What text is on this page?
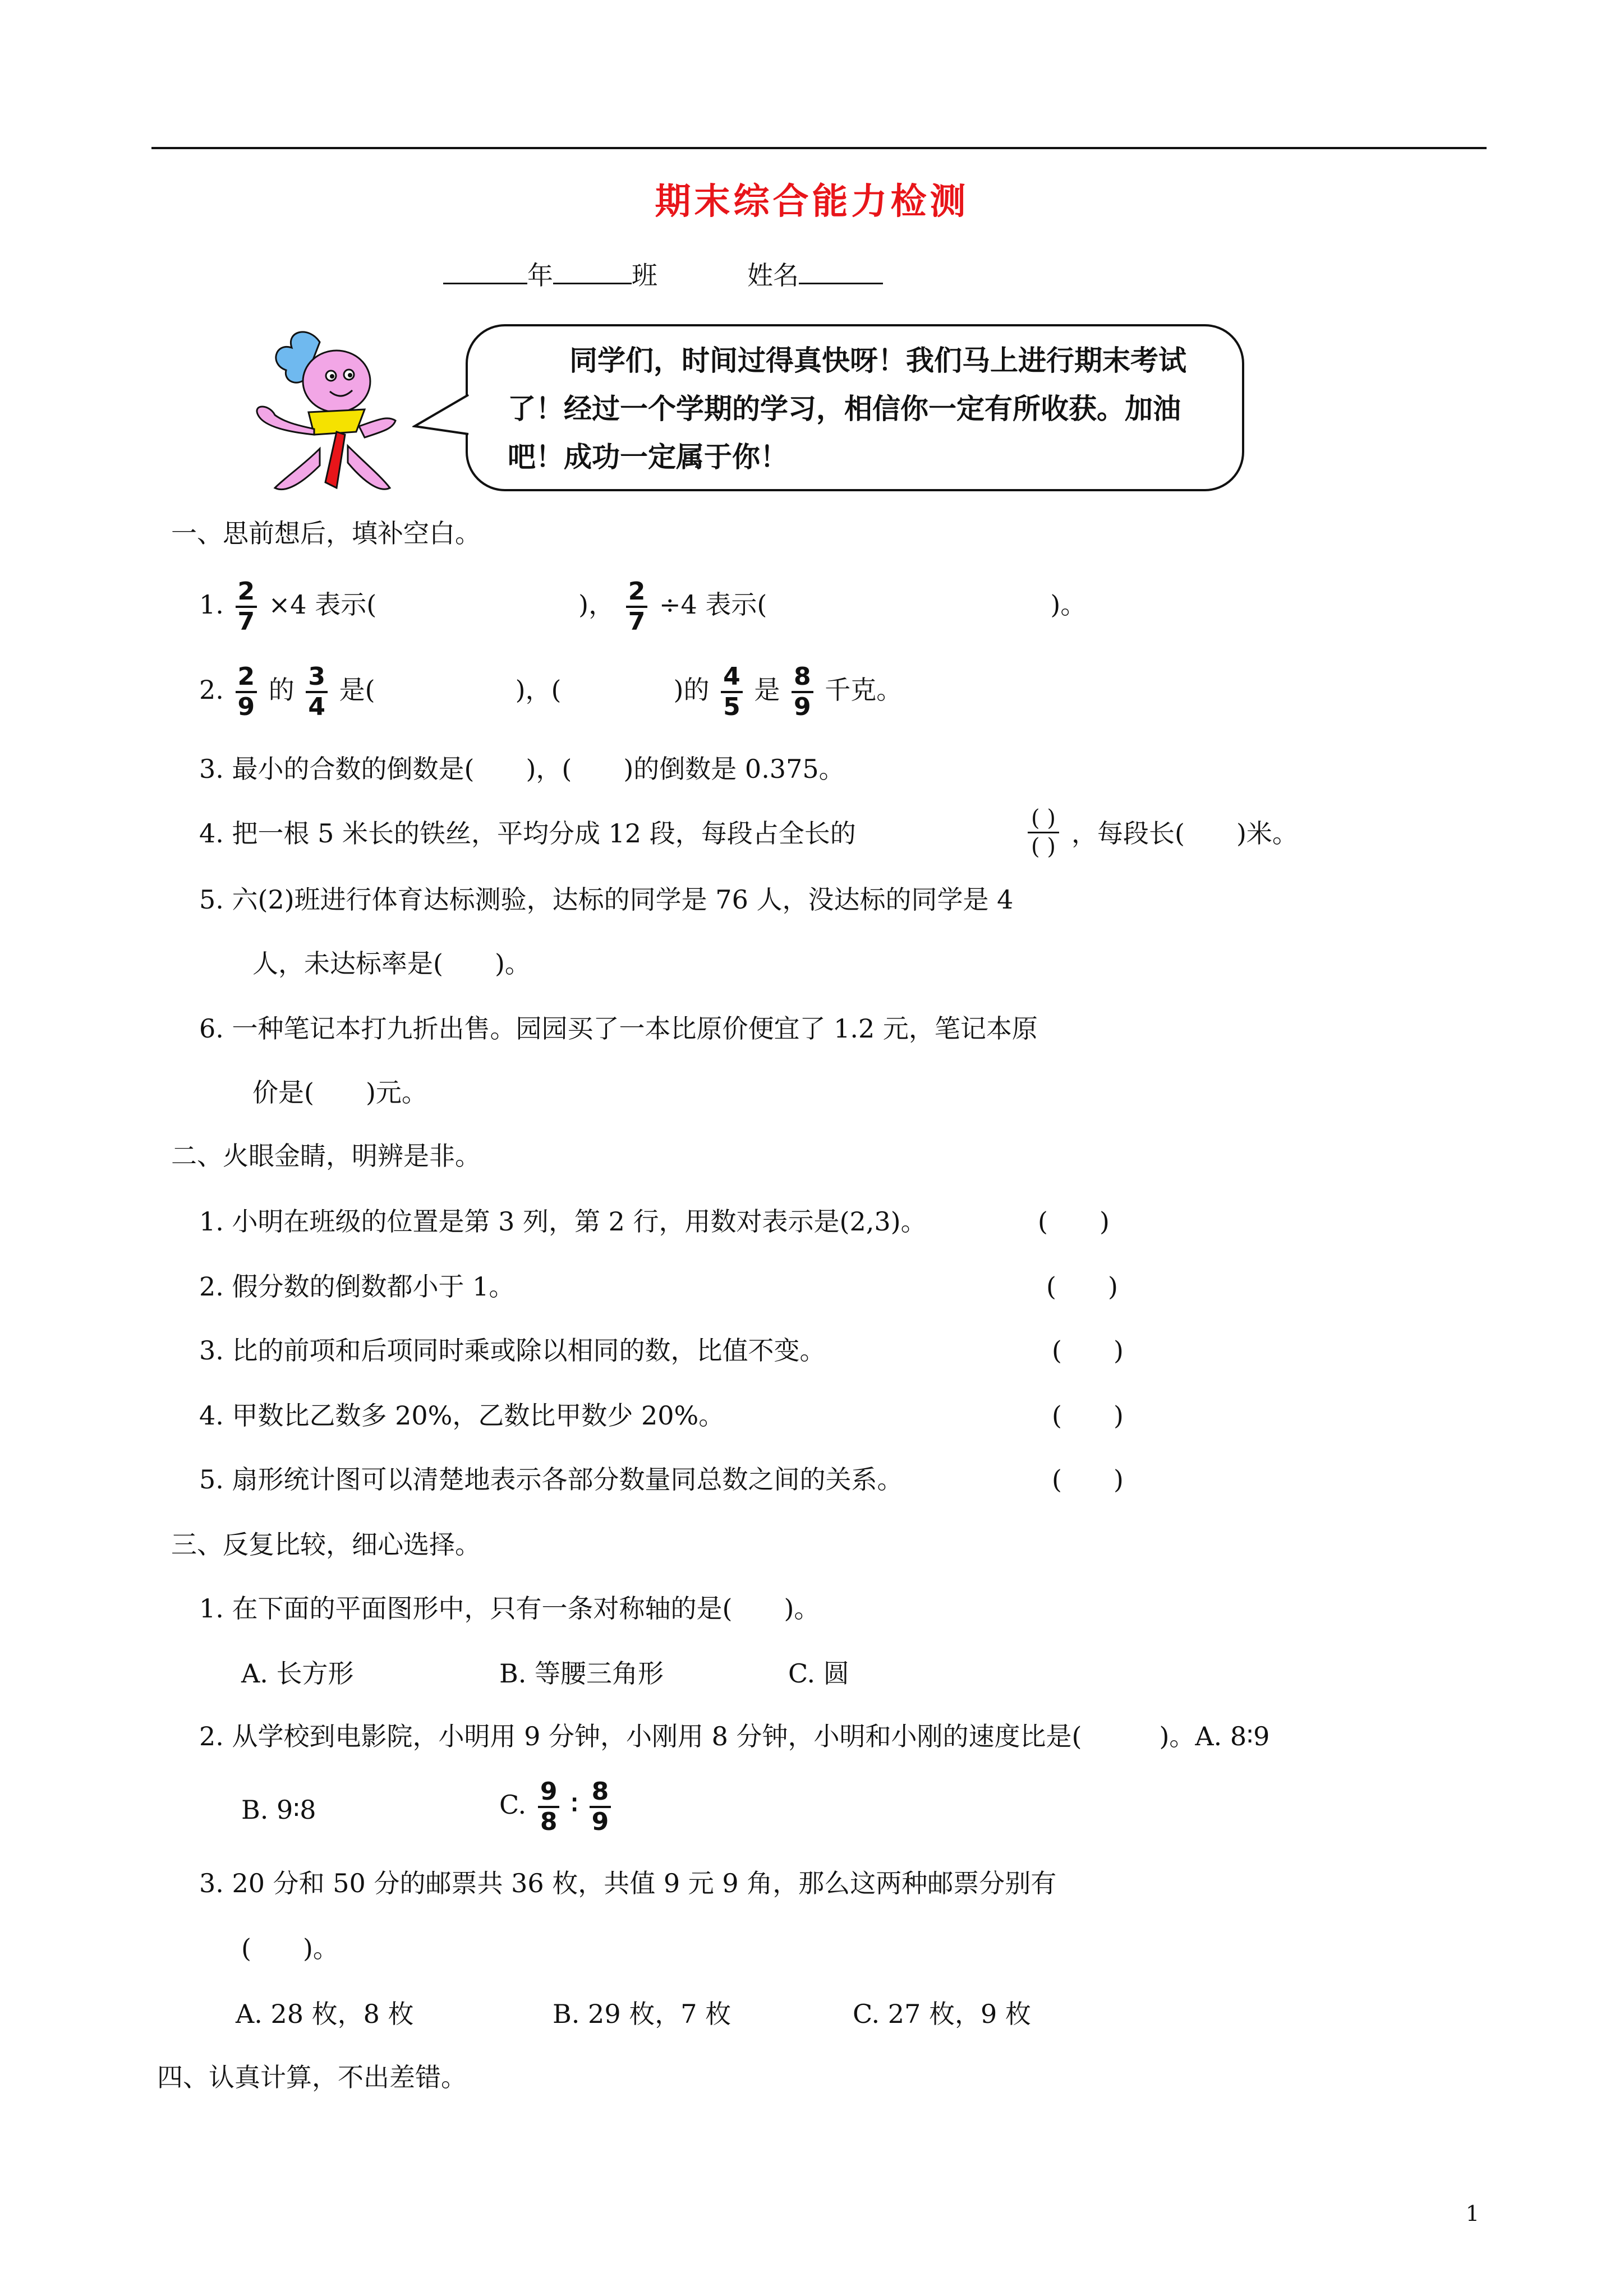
期末综合能力检测
年	班	姓名
同学们，时间过得真快呀！我们马上进行期末考试了！经过一个学期的学习，相信你一定有所收获。加油吧！成功一定属于你！
一、思前想后，填补空白。
1. $\frac{2}{7} \times 4$ 表示(	)， $\frac{2}{7} \div 4$ 表示(	)。
2. $\frac{2}{9}$ 的 $\frac{3}{4}$ 是(	)，(	)的 $\frac{4}{5}$ 是 $\frac{8}{9}$ 千克。
3. 最小的合数的倒数是(　　)，(　　)的倒数是 0.375。
4. 把一根 5 米长的铁丝，平均分成 12 段，每段占全长的	( )
( ) ，每段长(　　)米。
5. 六(2)班进行体育达标测验，达标的同学是 76 人，没达标的同学是 4
人，未达标率是(　　)。
6. 一种笔记本打九折出售。园园买了一本比原价便宜了 1.2 元，笔记本原
价是(　　)元。
二、火眼金睛，明辨是非。
1. 小明在班级的位置是第 3 列，第 2 行，用数对表示是(2,3)。	(　　)
2. 假分数的倒数都小于 1。	(　　)
3. 比的前项和后项同时乘或除以相同的数，比值不变。	(　　)
4. 甲数比乙数多 20%，乙数比甲数少 20%。	(　　)
5. 扇形统计图可以清楚地表示各部分数量同总数之间的关系。	(　　)
三、反复比较，细心选择。
1. 在下面的平面图形中，只有一条对称轴的是(　　)。
A. 长方形	B. 等腰三角形	C. 圆
2. 从学校到电影院，小明用 9 分钟，小刚用 8 分钟，小明和小刚的速度比是(　　　)。A. 8∶9
B. 9∶8	C. $\frac{9}{8}$ ∶ $\frac{8}{9}$
3. 20 分和 50 分的邮票共 36 枚，共值 9 元 9 角，那么这两种邮票分别有
(　　)。
A. 28 枚，8 枚	B. 29 枚，7 枚	C. 27 枚，9 枚
四、认真计算，不出差错。
1
